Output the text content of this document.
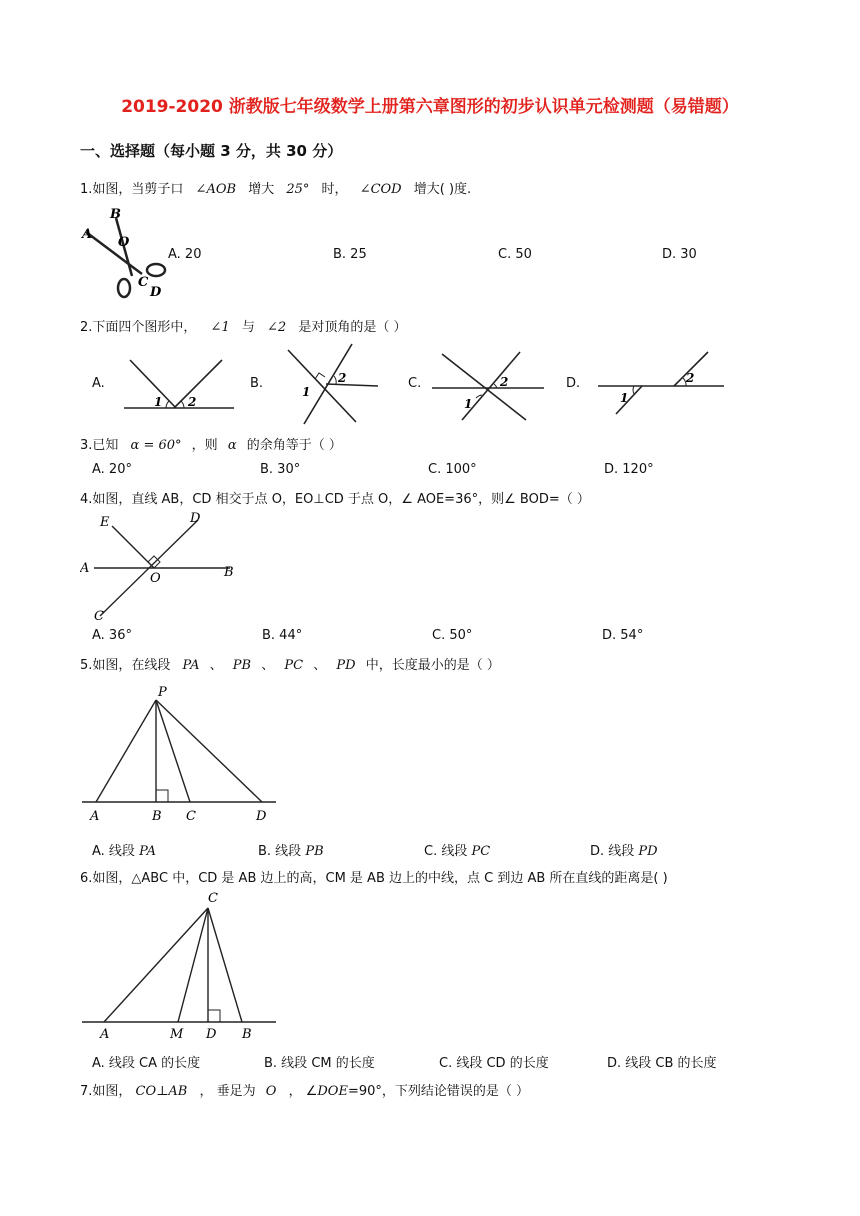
2019-2020 浙教版七年级数学上册第六章图形的初步认识单元检测题（易错题）
一、选择题（每小题 3 分，共 30 分）
1.如图，当剪子口 ∠AOB 增大 25° 时， ∠COD 增大( )度.
A
B
O
C
D
A. 20	B. 25	C. 50	D. 30
2.下面四个图形中， ∠1 与 ∠2 是对顶角的是（ ）
A.
1 2
B.
1
2	C.
1
2	D.
1
2
3.已知 α = 60° ，则 α 的余角等于（ ）
A. 20°	B. 30°	C. 100°	D. 120°
4.如图，直线 AB，CD 相交于点 O，EO⊥CD 于点 O，∠ AOE=36°，则∠ BOD=（ ）
E	D
A
O	B
C
A. 36°	B. 44°	C. 50°	D. 54°
5.如图，在线段 PA 、 PB 、 PC 、 PD 中，长度最小的是（ ）
P
A	B C	D
A. 线段 PA	B. 线段 PB	C. 线段 PC	D. 线段 PD
6.如图，△ABC 中，CD 是 AB 边上的高，CM 是 AB 边上的中线，点 C 到边 AB 所在直线的距离是( )
C
A	M D B
A. 线段 CA 的长度	B. 线段 CM 的长度	C. 线段 CD 的长度	D. 线段 CB 的长度
7.如图， CO⊥AB ， 垂足为 O ， ∠DOE=90°，下列结论错误的是（ ）
